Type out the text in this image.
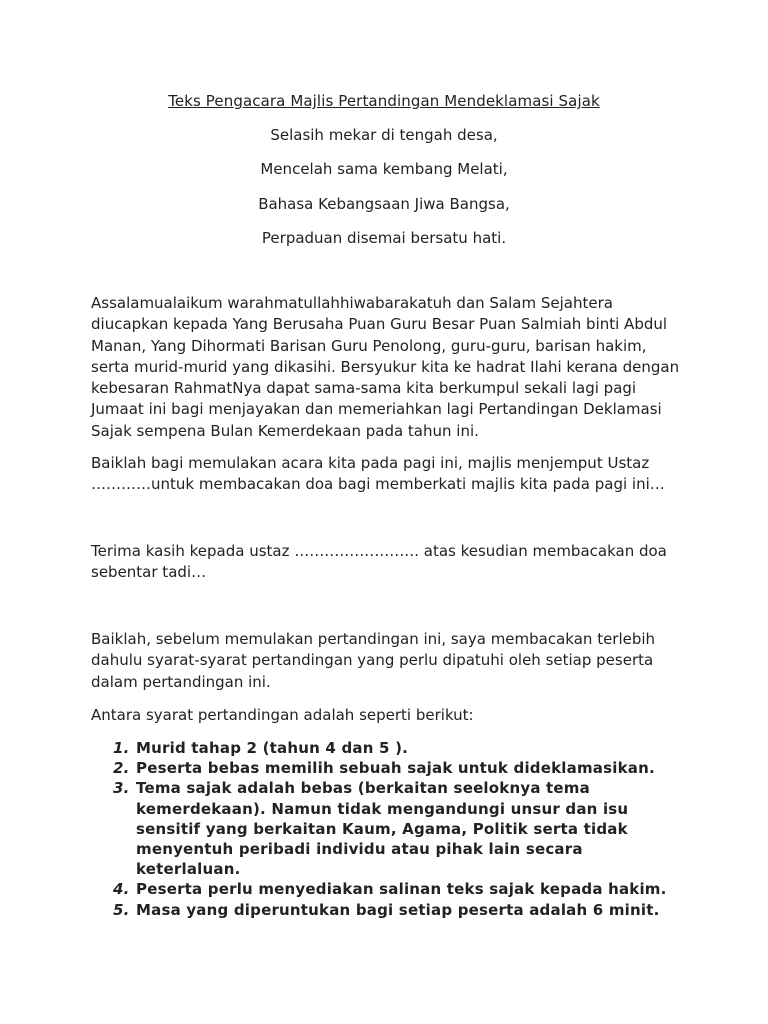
Teks Pengacara Majlis Pertandingan Mendeklamasi Sajak
Selasih mekar di tengah desa,
Mencelah sama kembang Melati,
Bahasa Kebangsaan Jiwa Bangsa,
Perpaduan disemai bersatu hati.
Assalamualaikum warahmatullahhiwabarakatuh dan Salam Sejahtera diucapkan kepada Yang Berusaha Puan Guru Besar Puan Salmiah binti Abdul Manan, Yang Dihormati Barisan Guru Penolong, guru-guru, barisan hakim, serta murid-murid yang dikasihi. Bersyukur kita ke hadrat Ilahi kerana dengan kebesaran RahmatNya dapat sama-sama kita berkumpul sekali lagi pagi Jumaat ini bagi menjayakan dan memeriahkan lagi Pertandingan Deklamasi Sajak sempena Bulan Kemerdekaan pada tahun ini.
Baiklah bagi memulakan acara kita pada pagi ini, majlis menjemput Ustaz …………untuk membacakan doa bagi memberkati majlis kita pada pagi ini…
Terima kasih kepada ustaz ……………………. atas kesudian membacakan doa sebentar tadi…
Baiklah, sebelum memulakan pertandingan ini, saya membacakan terlebih dahulu syarat-syarat pertandingan yang perlu dipatuhi oleh setiap peserta dalam pertandingan ini.
Antara syarat pertandingan adalah seperti berikut:
1. Murid tahap 2 (tahun 4 dan 5 ).
2. Peserta bebas memilih sebuah sajak untuk dideklamasikan.
3. Tema sajak adalah bebas (berkaitan seeloknya tema kemerdekaan). Namun tidak mengandungi unsur dan isu sensitif yang berkaitan Kaum, Agama, Politik serta tidak menyentuh peribadi individu atau pihak lain secara keterlaluan.
4. Peserta perlu menyediakan salinan teks sajak kepada hakim.
5. Masa yang diperuntukan bagi setiap peserta adalah 6 minit.
